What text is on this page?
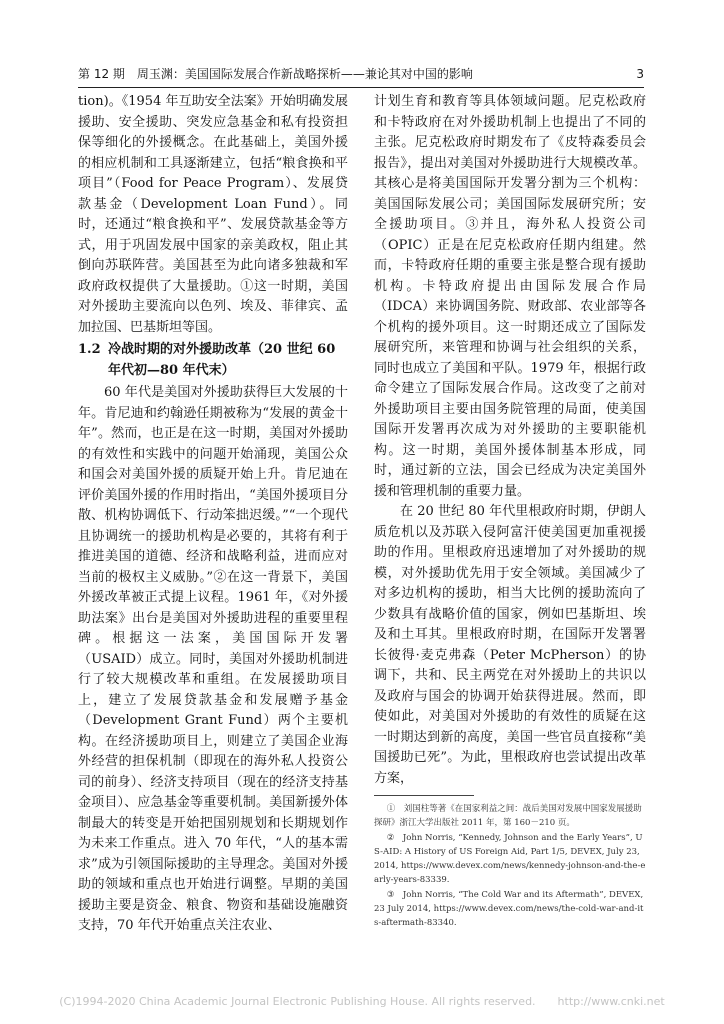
第 12 期　周玉渊：美国国际发展合作新战略探析——兼论其对中国的影响	3

tion)。《1954 年互助安全法案》开始明确发展援助、安全援助、突发应急基金和私有投资担保等细化的外援概念。在此基础上，美国外援的相应机制和工具逐渐建立，包括“粮食换和平项目”（Food for Peace Program）、发展贷款基金（Development Loan Fund）。同时，还通过“粮食换和平”、发展贷款基金等方式，用于巩固发展中国家的亲美政权，阻止其倒向苏联阵营。美国甚至为此向诸多独裁和军政府政权提供了大量援助。①这一时期，美国对外援助主要流向以色列、埃及、菲律宾、孟加拉国、巴基斯坦等国。

1.2 冷战时期的对外援助改革（20 世纪 60 年代初—80 年代末）

60 年代是美国对外援助获得巨大发展的十年。肯尼迪和约翰逊任期被称为“发展的黄金十年”。然而，也正是在这一时期，美国对外援助的有效性和实践中的问题开始涌现，美国公众和国会对美国外援的质疑开始上升。肯尼迪在评价美国外援的作用时指出，“美国外援项目分散、机构协调低下、行动笨拙迟缓。”“一个现代且协调统一的援助机构是必要的，其将有利于推进美国的道德、经济和战略利益，进而应对当前的极权主义威胁。”②在这一背景下，美国外援改革被正式提上议程。1961 年，《对外援助法案》出台是美国对外援助进程的重要里程碑。根据这一法案，美国国际开发署（USAID）成立。同时，美国对外援助机制进行了较大规模改革和重组。在发展援助项目上，建立了发展贷款基金和发展赠予基金（Development Grant Fund）两个主要机构。在经济援助项目上，则建立了美国企业海外经营的担保机制（即现在的海外私人投资公司的前身）、经济支持项目（现在的经济支持基金项目）、应急基金等重要机制。美国新援外体制最大的转变是开始把国别规划和长期规划作为未来工作重点。进入 70 年代，“人的基本需求”成为引领国际援助的主导理念。美国对外援助的领域和重点也开始进行调整。早期的美国援助主要是资金、粮食、物资和基础设施融资支持，70 年代开始重点关注农业、

计划生育和教育等具体领域问题。尼克松政府和卡特政府在对外援助机制上也提出了不同的主张。尼克松政府时期发布了《皮特森委员会报告》，提出对美国对外援助进行大规模改革。其核心是将美国国际开发署分割为三个机构：美国国际发展公司；美国国际发展研究所；安全援助项目。③并且，海外私人投资公司（OPIC）正是在尼克松政府任期内组建。然而，卡特政府任期的重要主张是整合现有援助机构。卡特政府提出由国际发展合作局（IDCA）来协调国务院、财政部、农业部等各个机构的援外项目。这一时期还成立了国际发展研究所，来管理和协调与社会组织的关系，同时也成立了美国和平队。1979 年，根据行政命令建立了国际发展合作局。这改变了之前对外援助项目主要由国务院管理的局面，使美国国际开发署再次成为对外援助的主要职能机构。这一时期，美国外援体制基本形成，同时，通过新的立法，国会已经成为决定美国外援和管理机制的重要力量。

在 20 世纪 80 年代里根政府时期，伊朗人质危机以及苏联入侵阿富汗使美国更加重视援助的作用。里根政府迅速增加了对外援助的规模，对外援助优先用于安全领域。美国减少了对多边机构的援助，相当大比例的援助流向了少数具有战略价值的国家，例如巴基斯坦、埃及和土耳其。里根政府时期，在国际开发署署长彼得·麦克弗森（Peter McPherson）的协调下，共和、民主两党在对外援助上的共识以及政府与国会的协调开始获得进展。然而，即使如此，对美国对外援助的有效性的质疑在这一时期达到新的高度，美国一些官员直接称“美国援助已死”。为此，里根政府也尝试提出改革方案，

①　刘国柱等著《在国家利益之间：战后美国对发展中国家发展援助探研》浙江大学出版社 2011 年，第 160－210 页。

②　John Norris, “Kennedy, Johnson and the Early Years”, US-AID: A History of US Foreign Aid, Part 1/5, DEVEX, July 23, 2014, https://www.devex.com/news/kennedy-johnson-and-the-early-years-83339.

③　John Norris, “The Cold War and its Aftermath”, DEVEX, 23 July 2014, https://www.devex.com/news/the-cold-war-and-its-aftermath-83340.

(C)1994-2020 China Academic Journal Electronic Publishing House. All rights reserved.　　http://www.cnki.net
